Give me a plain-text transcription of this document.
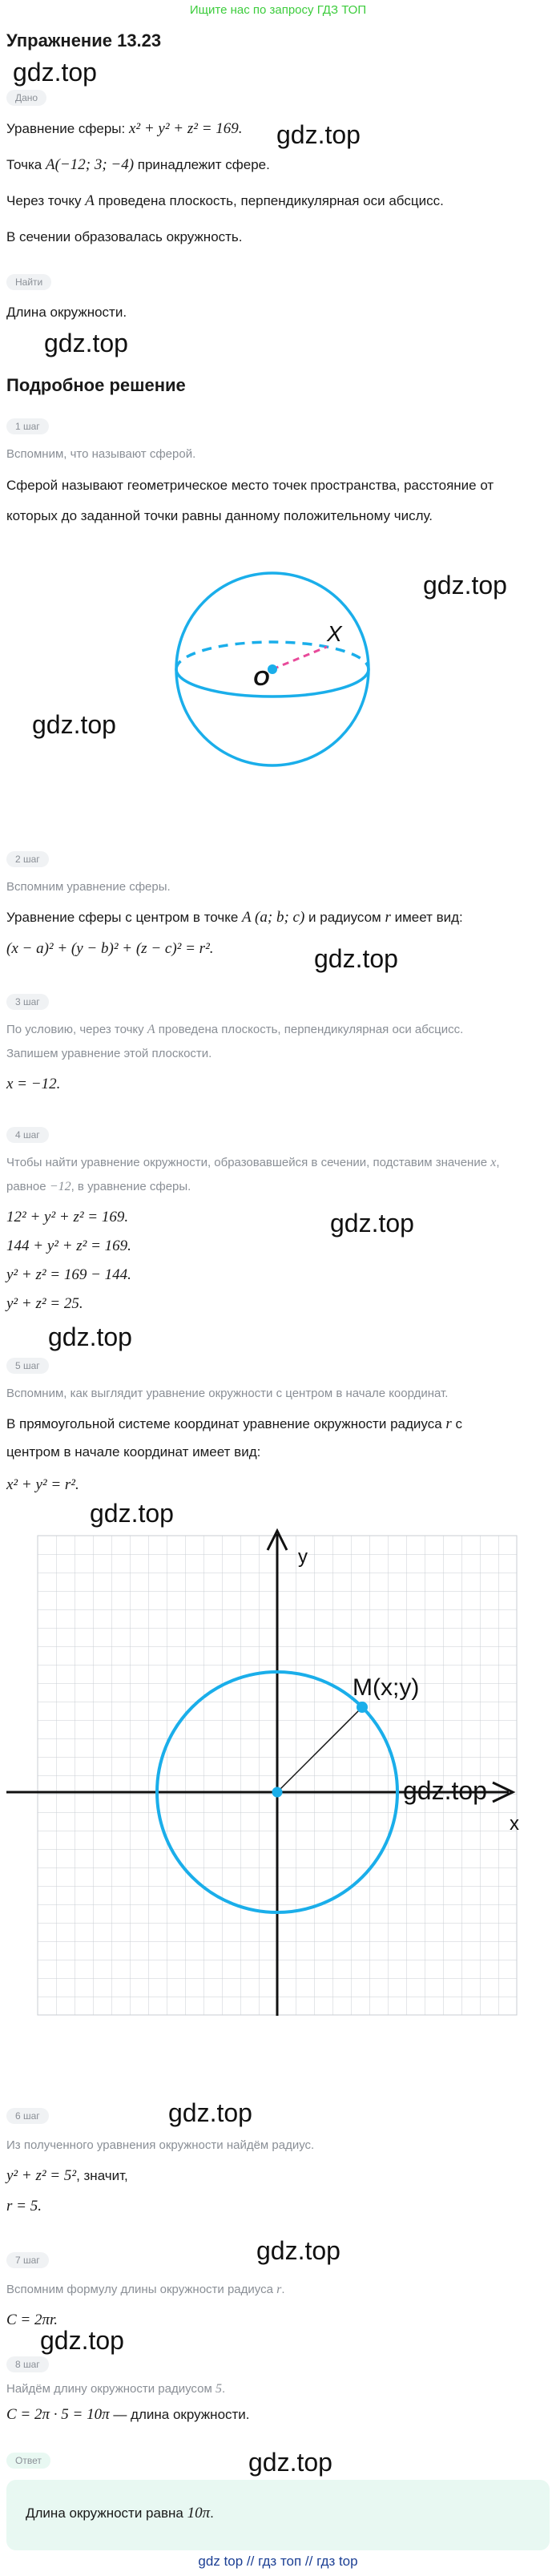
Ищите нас по запросу ГДЗ ТОП
Упражнение 13.23
gdz.top
Дано
Уравнение сферы: x² + y² + z² = 169. gdz.top
Точка A(−12; 3; −4) принадлежит сфере.
Через точку A проведена плоскость, перпендикулярная оси абсцисс.
В сечении образовалась окружность.
Найти
Длина окружности.
gdz.top
Подробное решение
1 шаг
Вспомним, что называют сферой.
Сферой называют геометрическое место точек пространства, расстояние от
которых до заданной точки равны данному положительному числу.
O
X
gdz.top
gdz.top
2 шаг
Вспомним уравнение сферы.
Уравнение сферы с центром в точке A (a; b; c) и радиусом r имеет вид:
(x − a)² + (y − b)² + (z − c)² = r².	gdz.top
3 шаг
По условию, через точку A проведена плоскость, перпендикулярная оси абсцисс.
Запишем уравнение этой плоскости.
x = −12.
4 шаг
Чтобы найти уравнение окружности, образовавшейся в сечении, подставим значение x,
равное −12, в уравнение сферы.
12² + y² + z² = 169.	gdz.top
144 + y² + z² = 169.
y² + z² = 169 − 144.
y² + z² = 25.
gdz.top
5 шаг
Вспомним, как выглядит уравнение окружности с центром в начале координат.
В прямоугольной системе координат уравнение окружности радиуса r с
центром в начале координат имеет вид:
x² + y² = r².
gdz.top
M(x;y)
x
y
gdz.top
6 шаг	gdz.top
Из полученного уравнения окружности найдём радиус.
y² + z² = 5², значит,
r = 5.
gdz.top
7 шаг
Вспомним формулу длины окружности радиуса r.
C = 2πr.
gdz.top
8 шаг
Найдём длину окружности радиусом 5.
C = 2π · 5 = 10π — длина окружности.
Ответ	gdz.top
Длина окружности равна 10π.
gdz top // гдз топ // гдз top
